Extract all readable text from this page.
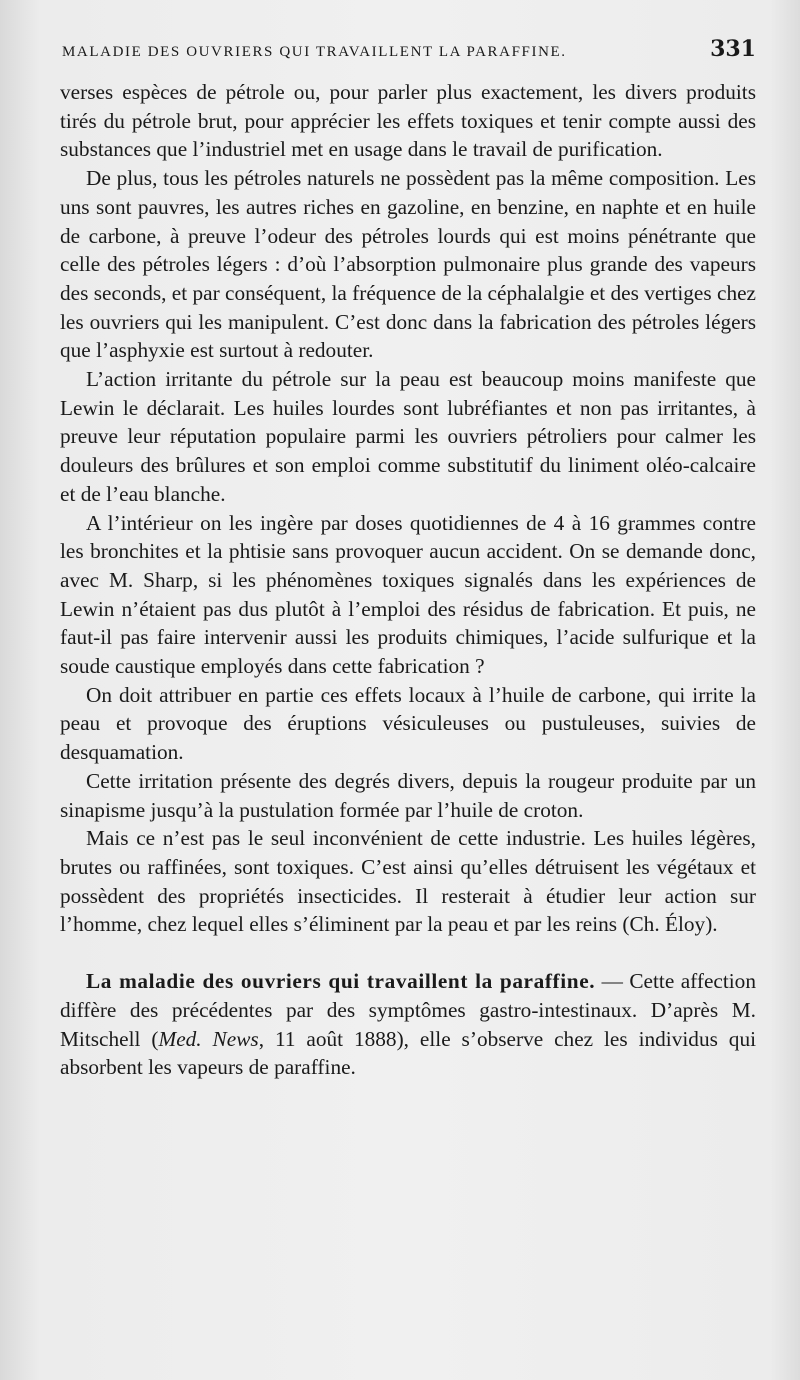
MALADIE DES OUVRIERS QUI TRAVAILLENT LA PARAFFINE.	331

verses espèces de pétrole ou, pour parler plus exactement, les divers produits tirés du pétrole brut, pour apprécier les effets toxiques et tenir compte aussi des substances que l’industriel met en usage dans le travail de purification.

De plus, tous les pétroles naturels ne possèdent pas la même composition. Les uns sont pauvres, les autres riches en gazoline, en benzine, en naphte et en huile de carbone, à preuve l’odeur des pétroles lourds qui est moins pénétrante que celle des pétroles légers : d’où l’absorption pulmonaire plus grande des vapeurs des seconds, et par conséquent, la fréquence de la céphalalgie et des vertiges chez les ouvriers qui les manipulent. C’est donc dans la fabrication des pétroles légers que l’asphyxie est surtout à redouter.

L’action irritante du pétrole sur la peau est beaucoup moins manifeste que Lewin le déclarait. Les huiles lourdes sont lubréfiantes et non pas irritantes, à preuve leur réputation populaire parmi les ouvriers pétroliers pour calmer les douleurs des brûlures et son emploi comme substitutif du liniment oléo-calcaire et de l’eau blanche.

A l’intérieur on les ingère par doses quotidiennes de 4 à 16 grammes contre les bronchites et la phtisie sans provoquer aucun accident. On se demande donc, avec M. Sharp, si les phénomènes toxiques signalés dans les expériences de Lewin n’étaient pas dus plutôt à l’emploi des résidus de fabrication. Et puis, ne faut-il pas faire intervenir aussi les produits chimiques, l’acide sulfurique et la soude caustique employés dans cette fabrication ?

On doit attribuer en partie ces effets locaux à l’huile de carbone, qui irrite la peau et provoque des éruptions vésiculeuses ou pustuleuses, suivies de desquamation.

Cette irritation présente des degrés divers, depuis la rougeur produite par un sinapisme jusqu’à la pustulation formée par l’huile de croton.

Mais ce n’est pas le seul inconvénient de cette industrie. Les huiles légères, brutes ou raffinées, sont toxiques. C’est ainsi qu’elles détruisent les végétaux et possèdent des propriétés insecticides. Il resterait à étudier leur action sur l’homme, chez lequel elles s’éliminent par la peau et par les reins (Ch. Éloy).

La maladie des ouvriers qui travaillent la paraffine. — Cette affection diffère des précédentes par des symptômes gastro-intestinaux. D’après M. Mitschell (Med. News, 11 août 1888), elle s’observe chez les individus qui absorbent les vapeurs de paraffine.
